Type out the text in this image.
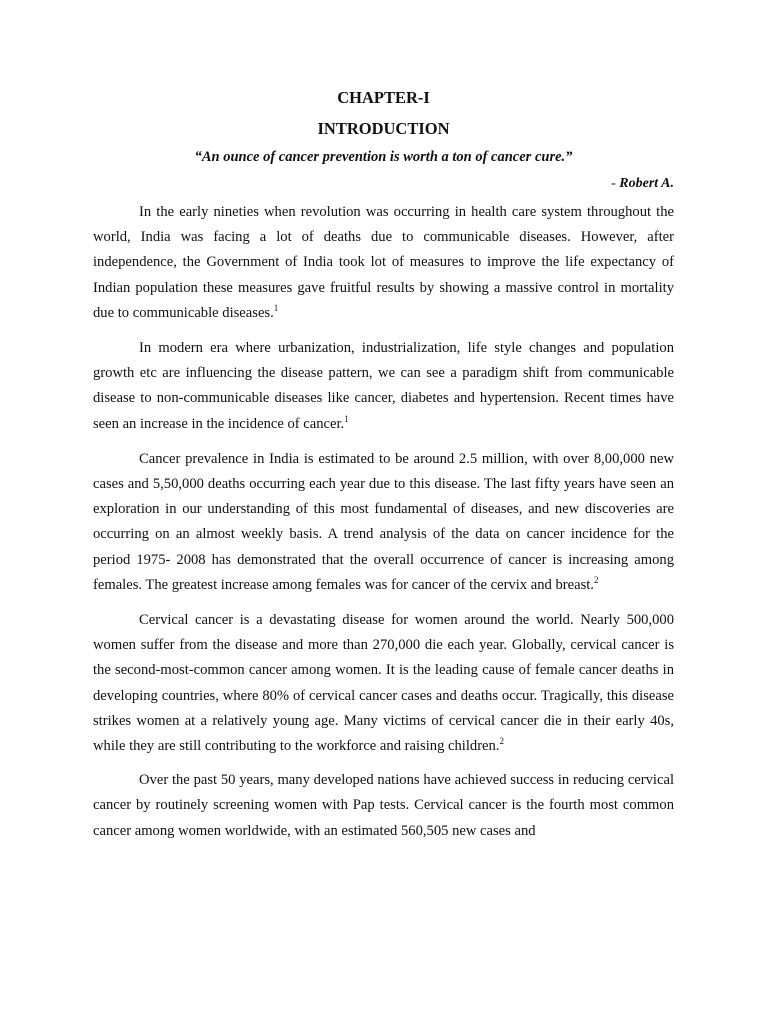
CHAPTER-I
INTRODUCTION

“An ounce of cancer prevention is worth a ton of cancer cure.”

- Robert A.

In the early nineties when revolution was occurring in health care system throughout the world, India was facing a lot of deaths due to communicable diseases. However, after independence, the Government of India took lot of measures to improve the life expectancy of Indian population these measures gave fruitful results by showing a massive control in mortality due to communicable diseases.$^1$

In modern era where urbanization, industrialization, life style changes and population growth etc are influencing the disease pattern, we can see a paradigm shift from communicable disease to non-communicable diseases like cancer, diabetes and hypertension. Recent times have seen an increase in the incidence of cancer.$^1$

Cancer prevalence in India is estimated to be around 2.5 million, with over 8,00,000 new cases and 5,50,000 deaths occurring each year due to this disease. The last fifty years have seen an exploration in our understanding of this most fundamental of diseases, and new discoveries are occurring on an almost weekly basis. A trend analysis of the data on cancer incidence for the period 1975- 2008 has demonstrated that the overall occurrence of cancer is increasing among females. The greatest increase among females was for cancer of the cervix and breast.$^2$

Cervical cancer is a devastating disease for women around the world. Nearly 500,000 women suffer from the disease and more than 270,000 die each year. Globally, cervical cancer is the second-most-common cancer among women. It is the leading cause of female cancer deaths in developing countries, where 80% of cervical cancer cases and deaths occur. Tragically, this disease strikes women at a relatively young age. Many victims of cervical cancer die in their early 40s, while they are still contributing to the workforce and raising children.$^2$

Over the past 50 years, many developed nations have achieved success in reducing cervical cancer by routinely screening women with Pap tests. Cervical cancer is the fourth most common cancer among women worldwide, with an estimated 560,505 new cases and
